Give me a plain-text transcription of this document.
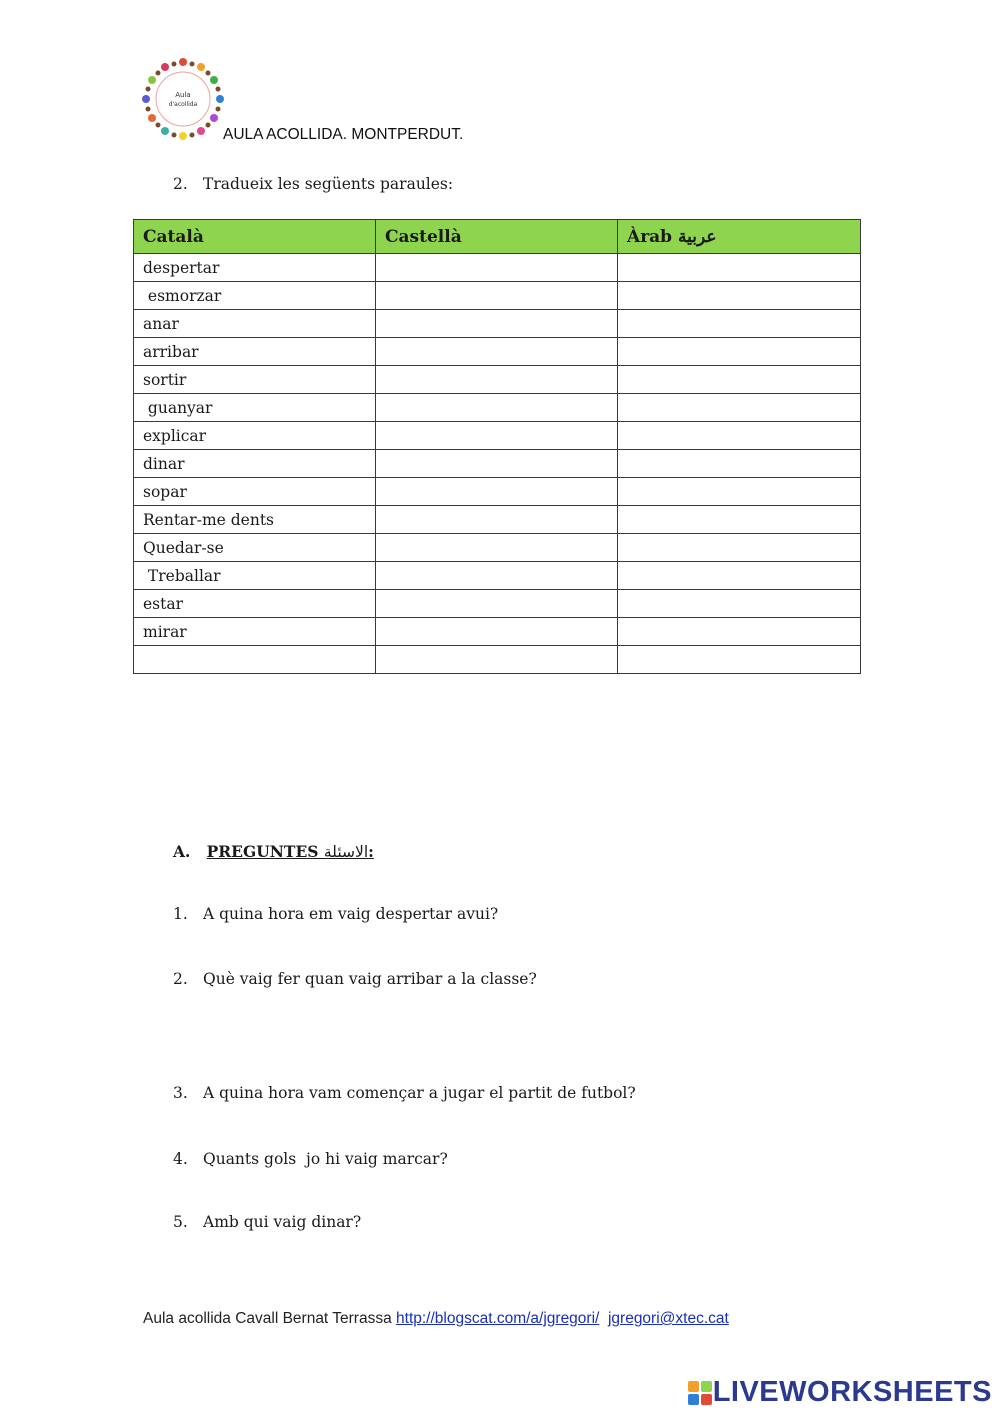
Aula
d'acollida
AULA ACOLLIDA. MONTPERDUT.
2. Tradueix les següents paraules:
Català	Castellà	Àrab عربية
despertar		
esmorzar		
anar		
arribar		
sortir		
guanyar		
explicar		
dinar		
sopar		
Rentar-me dents		
Quedar-se		
Treballar		
estar		
mirar		

A. PREGUNTES الاسئلة:
1. A quina hora em vaig despertar avui?
2. Què vaig fer quan vaig arribar a la classe?
3. A quina hora vam començar a jugar el partit de futbol?
4. Quants gols  jo hi vaig marcar?
5. Amb qui vaig dinar?
Aula acollida Cavall Bernat Terrassa http://blogscat.com/a/jgregori/ jgregori@xtec.cat
LIVEWORKSHEETS
